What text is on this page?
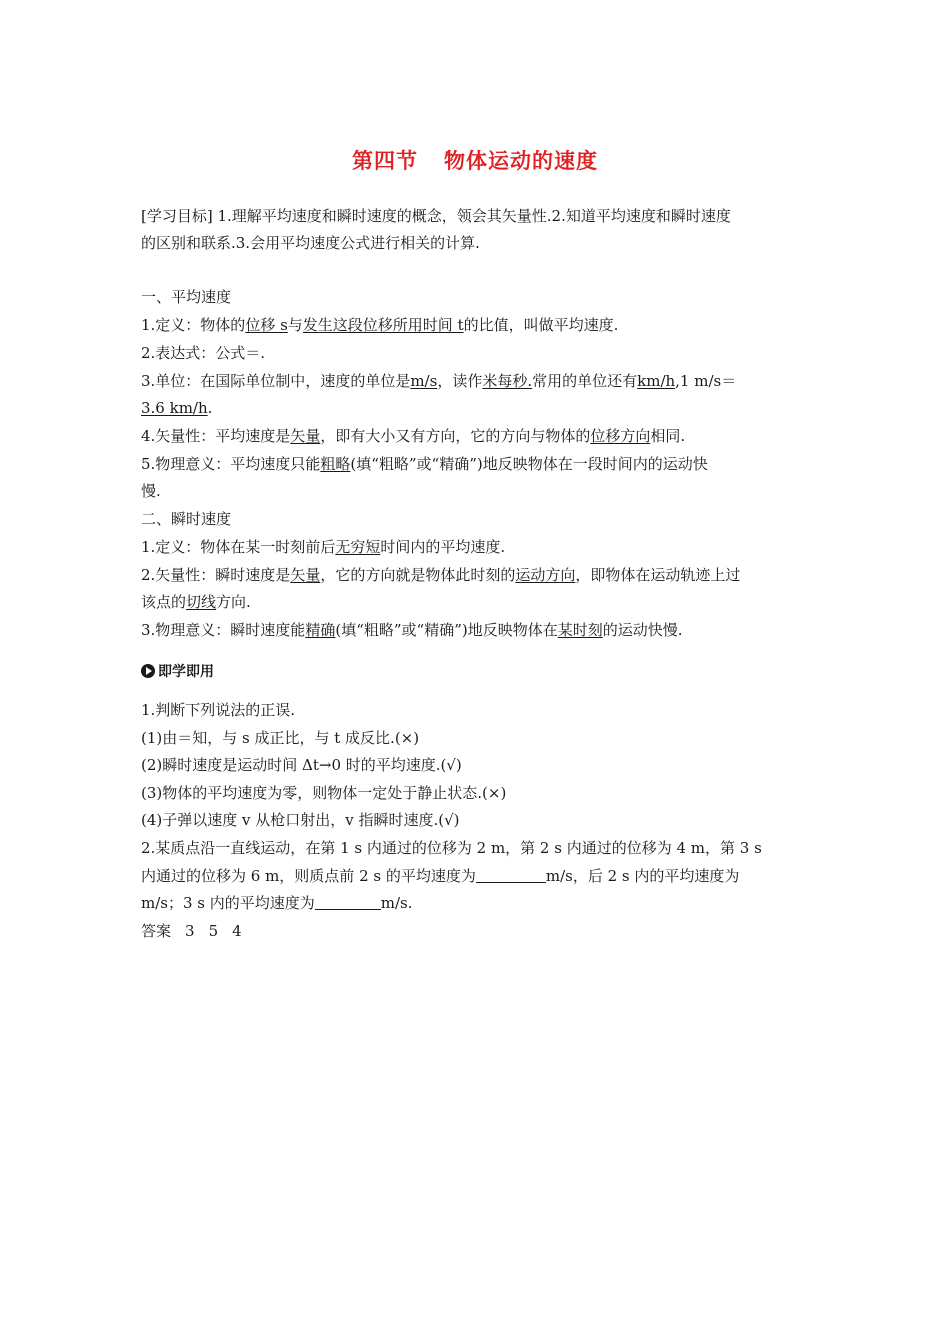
第四节 物体运动的速度
[学习目标] 1.理解平均速度和瞬时速度的概念，领会其矢量性.2.知道平均速度和瞬时速度
的区别和联系.3.会用平均速度公式进行相关的计算.
一、平均速度
1.定义：物体的位移 s与发生这段位移所用时间 t的比值，叫做平均速度.
2.表达式：公式＝.
3.单位：在国际单位制中，速度的单位是m/s，读作米每秒.常用的单位还有km/h,1 m/s＝
3.6 km/h.
4.矢量性：平均速度是矢量，即有大小又有方向，它的方向与物体的位移方向相同.
5.物理意义：平均速度只能粗略(填“粗略”或“精确”)地反映物体在一段时间内的运动快
慢.
二、瞬时速度
1.定义：物体在某一时刻前后无穷短时间内的平均速度.
2.矢量性：瞬时速度是矢量，它的方向就是物体此时刻的运动方向，即物体在运动轨迹上过
该点的切线方向.
3.物理意义：瞬时速度能精确(填“粗略”或“精确”)地反映物体在某时刻的运动快慢.
即学即用
1.判断下列说法的正误.
(1)由＝知，与 s 成正比，与 t 成反比.(×)
(2)瞬时速度是运动时间 Δt→0 时的平均速度.(√)
(3)物体的平均速度为零，则物体一定处于静止状态.(×)
(4)子弹以速度 v 从枪口射出，v 指瞬时速度.(√)
2.某质点沿一直线运动，在第 1 s 内通过的位移为 2 m，第 2 s 内通过的位移为 4 m，第 3 s
内通过的位移为 6 m，则质点前 2 s 的平均速度为	m/s，后 2 s 内的平均速度为
m/s；3 s 内的平均速度为	m/s.
答案 3 5 4
